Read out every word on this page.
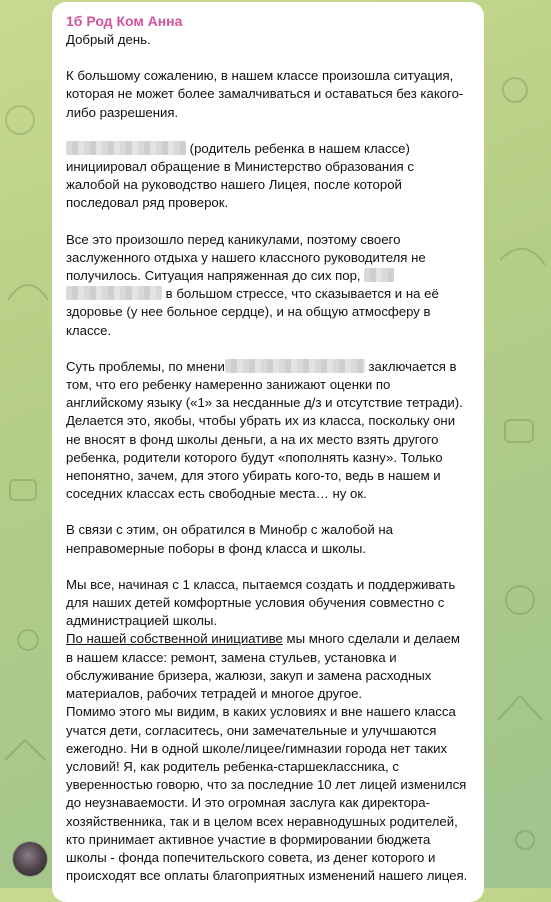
1б Род Ком Анна

Добрый день.

К большому сожалению, в нашем классе произошла ситуация, которая не может более замалчиваться и оставаться без какого-либо разрешения.

(родитель ребенка в нашем классе) инициировал обращение в Министерство образования с жалобой на руководство нашего Лицея, после которой последовал ряд проверок.

Все это произошло перед каникулами, поэтому своего заслуженного отдыха у нашего классного руководителя не получилось. Ситуация напряженная до сих пор,   в большом стрессе, что сказывается и на её здоровье (у нее больное сердце), и на общую атмосферу в классе.

Суть проблемы, по мнени	заключается в том, что его ребенку намеренно занижают оценки по английскому языку («1» за несданные д/з и отсутствие тетради). Делается это, якобы, чтобы убрать их из класса, поскольку они не вносят в фонд школы деньги, а на их место взять другого ребенка, родители которого будут «пополнять казну». Только непонятно, зачем, для этого убирать кого-то, ведь в нашем и соседних классах есть свободные места… ну ок.

В связи с этим, он обратился в Минобр с жалобой на неправомерные поборы в фонд класса и школы.

Мы все, начиная с 1 класса, пытаемся создать и поддерживать для наших детей комфортные условия обучения совместно с администрацией школы.

По нашей собственной инициативе мы много сделали и делаем в нашем классе: ремонт, замена стульев, установка и обслуживание бризера, жалюзи, закуп и замена расходных материалов, рабочих тетрадей и многое другое.

Помимо этого мы видим, в каких условиях и вне нашего класса учатся дети, согласитесь, они замечательные и улучшаются ежегодно. Ни в одной школе/лицее/гимназии города нет таких условий! Я, как родитель ребенка-старшеклассника, с уверенностью говорю, что за последние 10 лет лицей изменился до неузнаваемости. И это огромная заслуга как директора-хозяйственника, так и в целом всех неравнодушных родителей, кто принимает активное участие в формировании бюджета школы - фонда попечительского совета, из денег которого и происходят все оплаты благоприятных изменений нашего лицея.
